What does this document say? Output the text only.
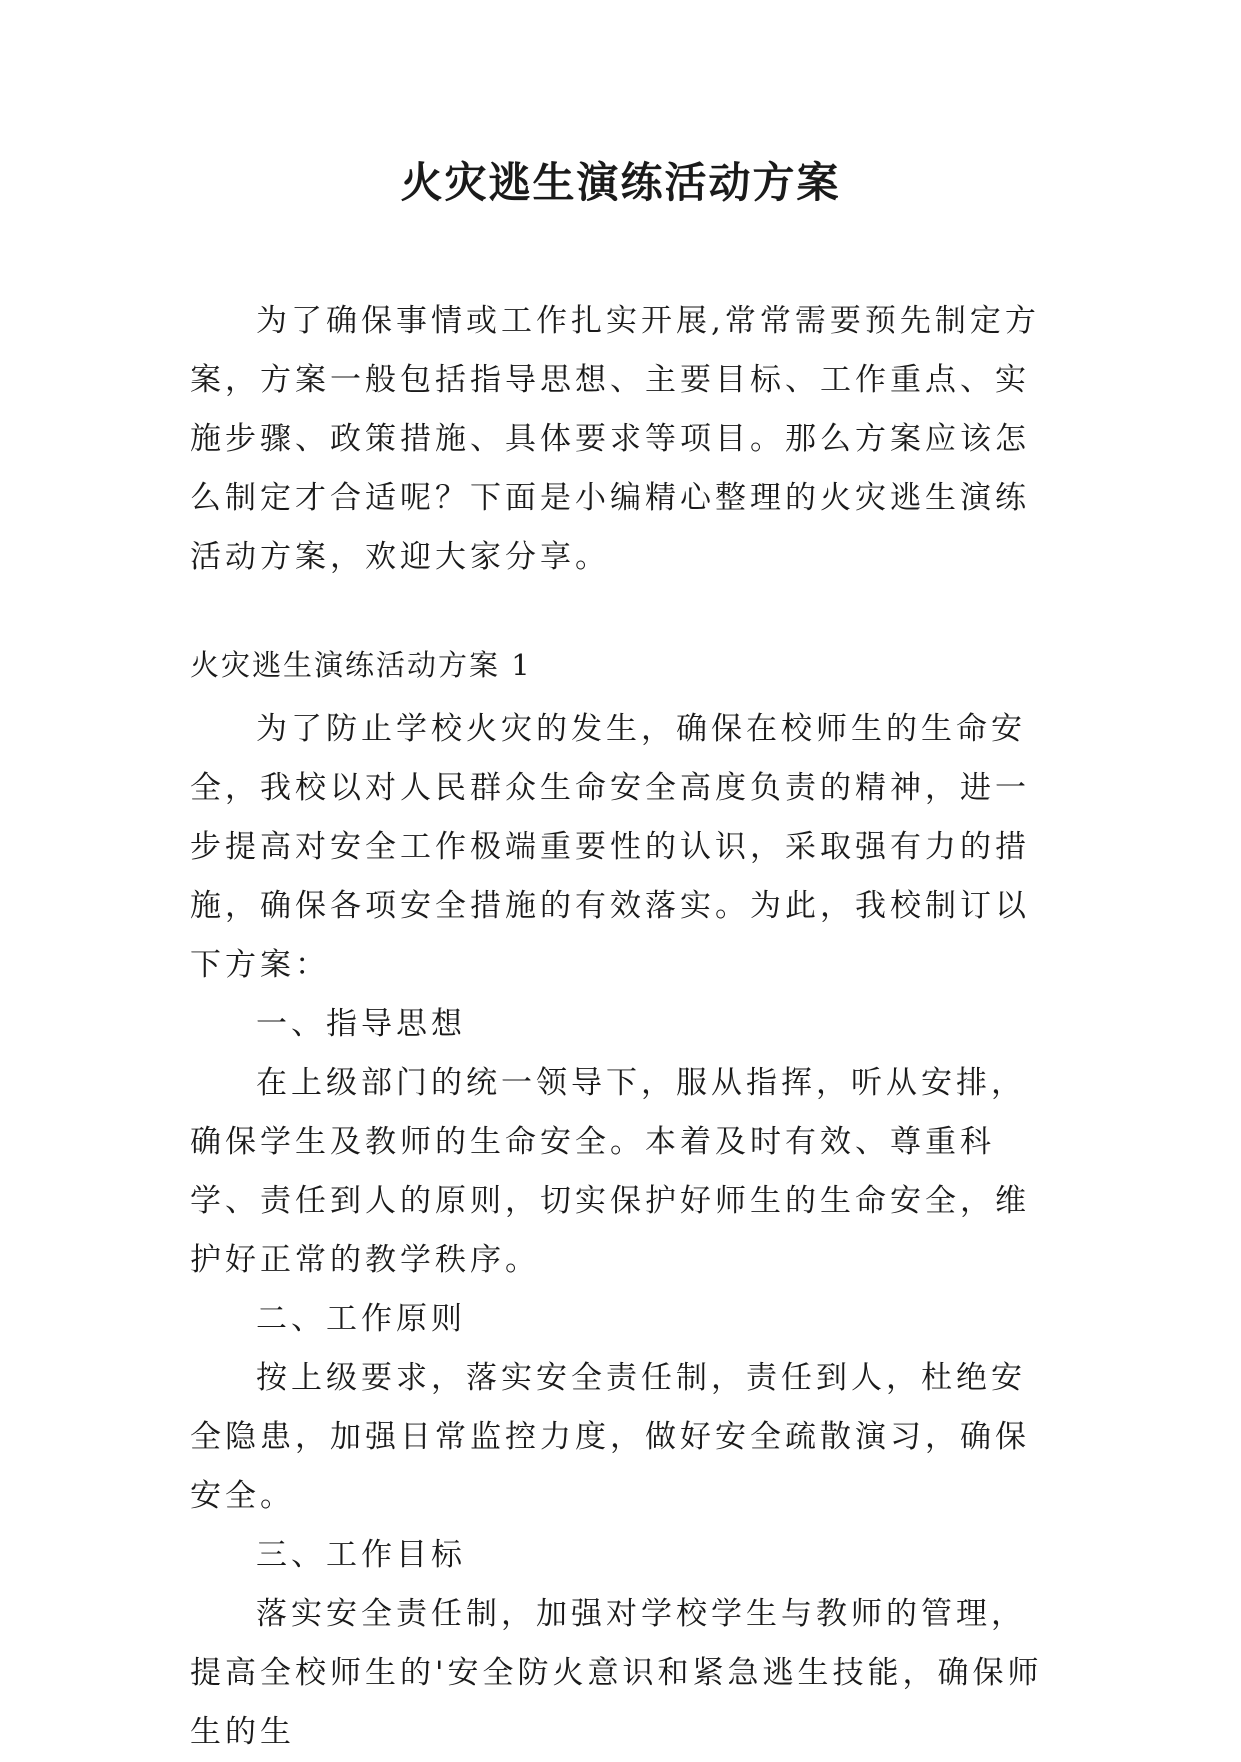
火灾逃生演练活动方案

为了确保事情或工作扎实开展,常常需要预先制定方案，方案一般包括指导思想、主要目标、工作重点、实施步骤、政策措施、具体要求等项目。那么方案应该怎么制定才合适呢？下面是小编精心整理的火灾逃生演练活动方案，欢迎大家分享。

火灾逃生演练活动方案 1

为了防止学校火灾的发生，确保在校师生的生命安全，我校以对人民群众生命安全高度负责的精神，进一步提高对安全工作极端重要性的认识，采取强有力的措施，确保各项安全措施的有效落实。为此，我校制订以下方案：

一、指导思想

在上级部门的统一领导下，服从指挥，听从安排，确保学生及教师的生命安全。本着及时有效、尊重科学、责任到人的原则，切实保护好师生的生命安全，维护好正常的教学秩序。

二、工作原则

按上级要求，落实安全责任制，责任到人，杜绝安全隐患，加强日常监控力度，做好安全疏散演习，确保安全。

三、工作目标

落实安全责任制，加强对学校学生与教师的管理，提高全校师生的'安全防火意识和紧急逃生技能，确保师生的生
